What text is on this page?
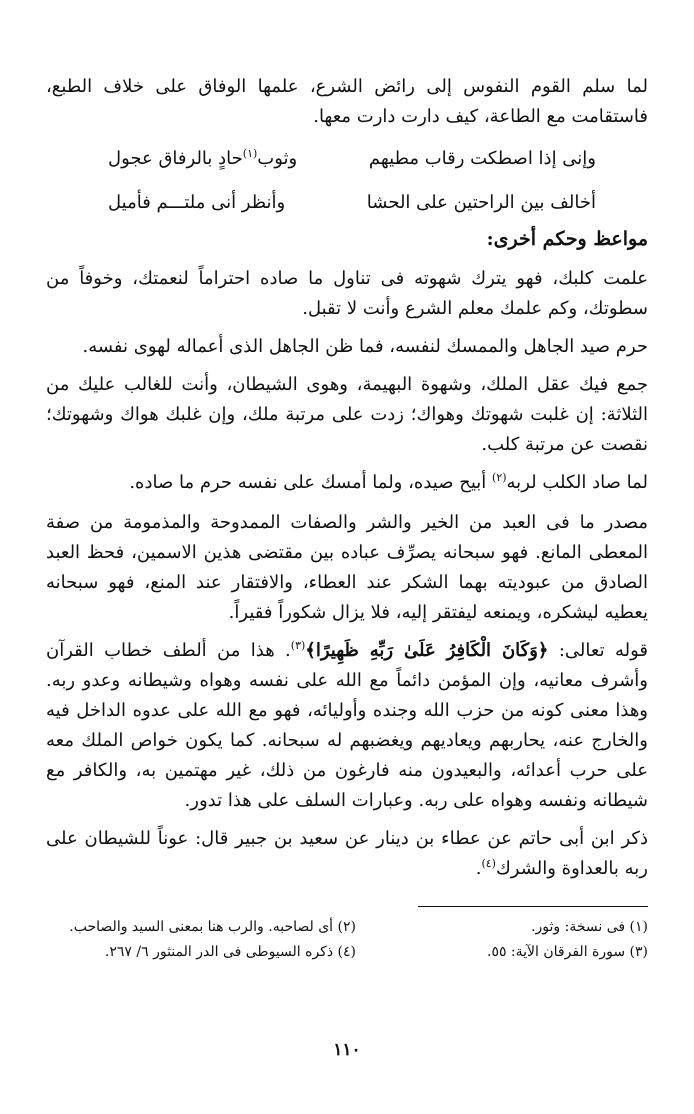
لما سلم القوم النفوس إلى رائض الشرع، علمها الوفاق على خلاف الطبع، فاستقامت مع الطاعة، كيف دارت دارت معها.

وإنى إذا اصطكت رقاب مطيهم
وثوب$^{(١)}$حادٍ بالرفاق عجول
أخالف بين الراحتين على الحشا
وأنظر أنى ملتـــم فأميل

مواعظ وحكم أخرى:

علمت كلبك، فهو يترك شهوته فى تناول ما صاده احتراماً لنعمتك، وخوفاً من سطوتك، وكم علمك معلم الشرع وأنت لا تقبل.

حرم صيد الجاهل والممسك لنفسه، فما ظن الجاهل الذى أعماله لهوى نفسه.

جمع فيك عقل الملك، وشهوة البهيمة، وهوى الشيطان، وأنت للغالب عليك من الثلاثة: إن غلبت شهوتك وهواك؛ زدت على مرتبة ملك، وإن غلبك هواك وشهوتك؛ نقصت عن مرتبة كلب.

لما صاد الكلب لربه$^{(٢)}$ أبيح صيده، ولما أمسك على نفسه حرم ما صاده.

مصدر ما فى العبد من الخير والشر والصفات الممدوحة والمذمومة من صفة المعطى المانع. فهو سبحانه يصرِّف عباده بين مقتضى هذين الاسمين، فحظ العبد الصادق من عبوديته بهما الشكر عند العطاء، والافتقار عند المنع، فهو سبحانه يعطيه ليشكره، ويمنعه ليفتقر إليه، فلا يزال شكوراً فقيراً.

قوله تعالى: ﴿وَكَانَ الْكَافِرُ عَلَىٰ رَبِّهِ ظَهِيرًا﴾$^{(٣)}$. هذا من ألطف خطاب القرآن وأشرف معانيه، وإن المؤمن دائماً مع الله على نفسه وهواه وشيطانه وعدو ربه. وهذا معنى كونه من حزب الله وجنده وأوليائه، فهو مع الله على عدوه الداخل فيه والخارج عنه، يحاربهم ويعاديهم ويغضبهم له سبحانه. كما يكون خواص الملك معه على حرب أعدائه، والبعيدون منه فارغون من ذلك، غير مهتمين به، والكافر مع شيطانه ونفسه وهواه على ربه. وعبارات السلف على هذا تدور.

ذكر ابن أبى حاتم عن عطاء بن دينار عن سعيد بن جبير قال: عوناً للشيطان على ربه بالعداوة والشرك$^{(٤)}$.

(١) فى نسخة: وثور.
(٢) أى لصاحبه. والرب هنا بمعنى السيد والصاحب.
(٣) سورة الفرقان الآية: ٥٥.
(٤) ذكره السيوطى فى الدر المنثور ٦/ ٢٦٧.
١١٠
